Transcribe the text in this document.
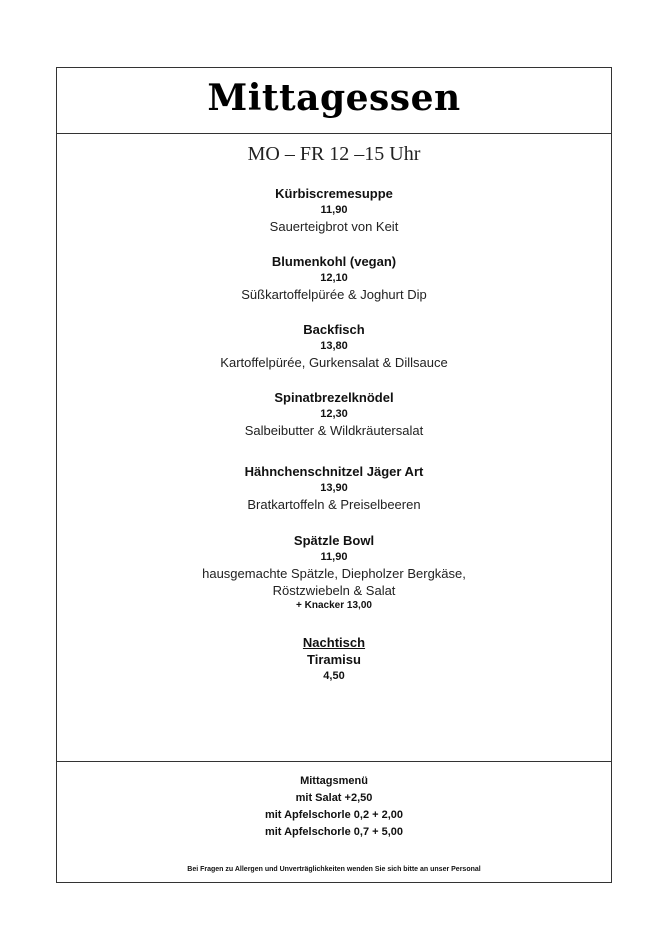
Mittagessen
MO – FR 12 –15 Uhr
Kürbiscremesuppe
11,90
Sauerteigbrot von Keit
Blumenkohl (vegan)
12,10
Süßkartoffelpürée & Joghurt Dip
Backfisch
13,80
Kartoffelpürée, Gurkensalat & Dillsauce
Spinatbrezelknödel
12,30
Salbeibutter & Wildkräutersalat
Hähnchenschnitzel Jäger Art
13,90
Bratkartoffeln & Preiselbeeren
Spätzle Bowl
11,90
hausgemachte Spätzle, Diepholzer Bergkäse,
Röstzwiebeln & Salat
+ Knacker 13,00
Nachtisch
Tiramisu
4,50
Mittagsmenü
mit Salat +2,50
mit Apfelschorle 0,2 + 2,00
mit Apfelschorle 0,7 + 5,00
Bei Fragen zu Allergen und Unverträglichkeiten wenden Sie sich bitte an unser Personal
